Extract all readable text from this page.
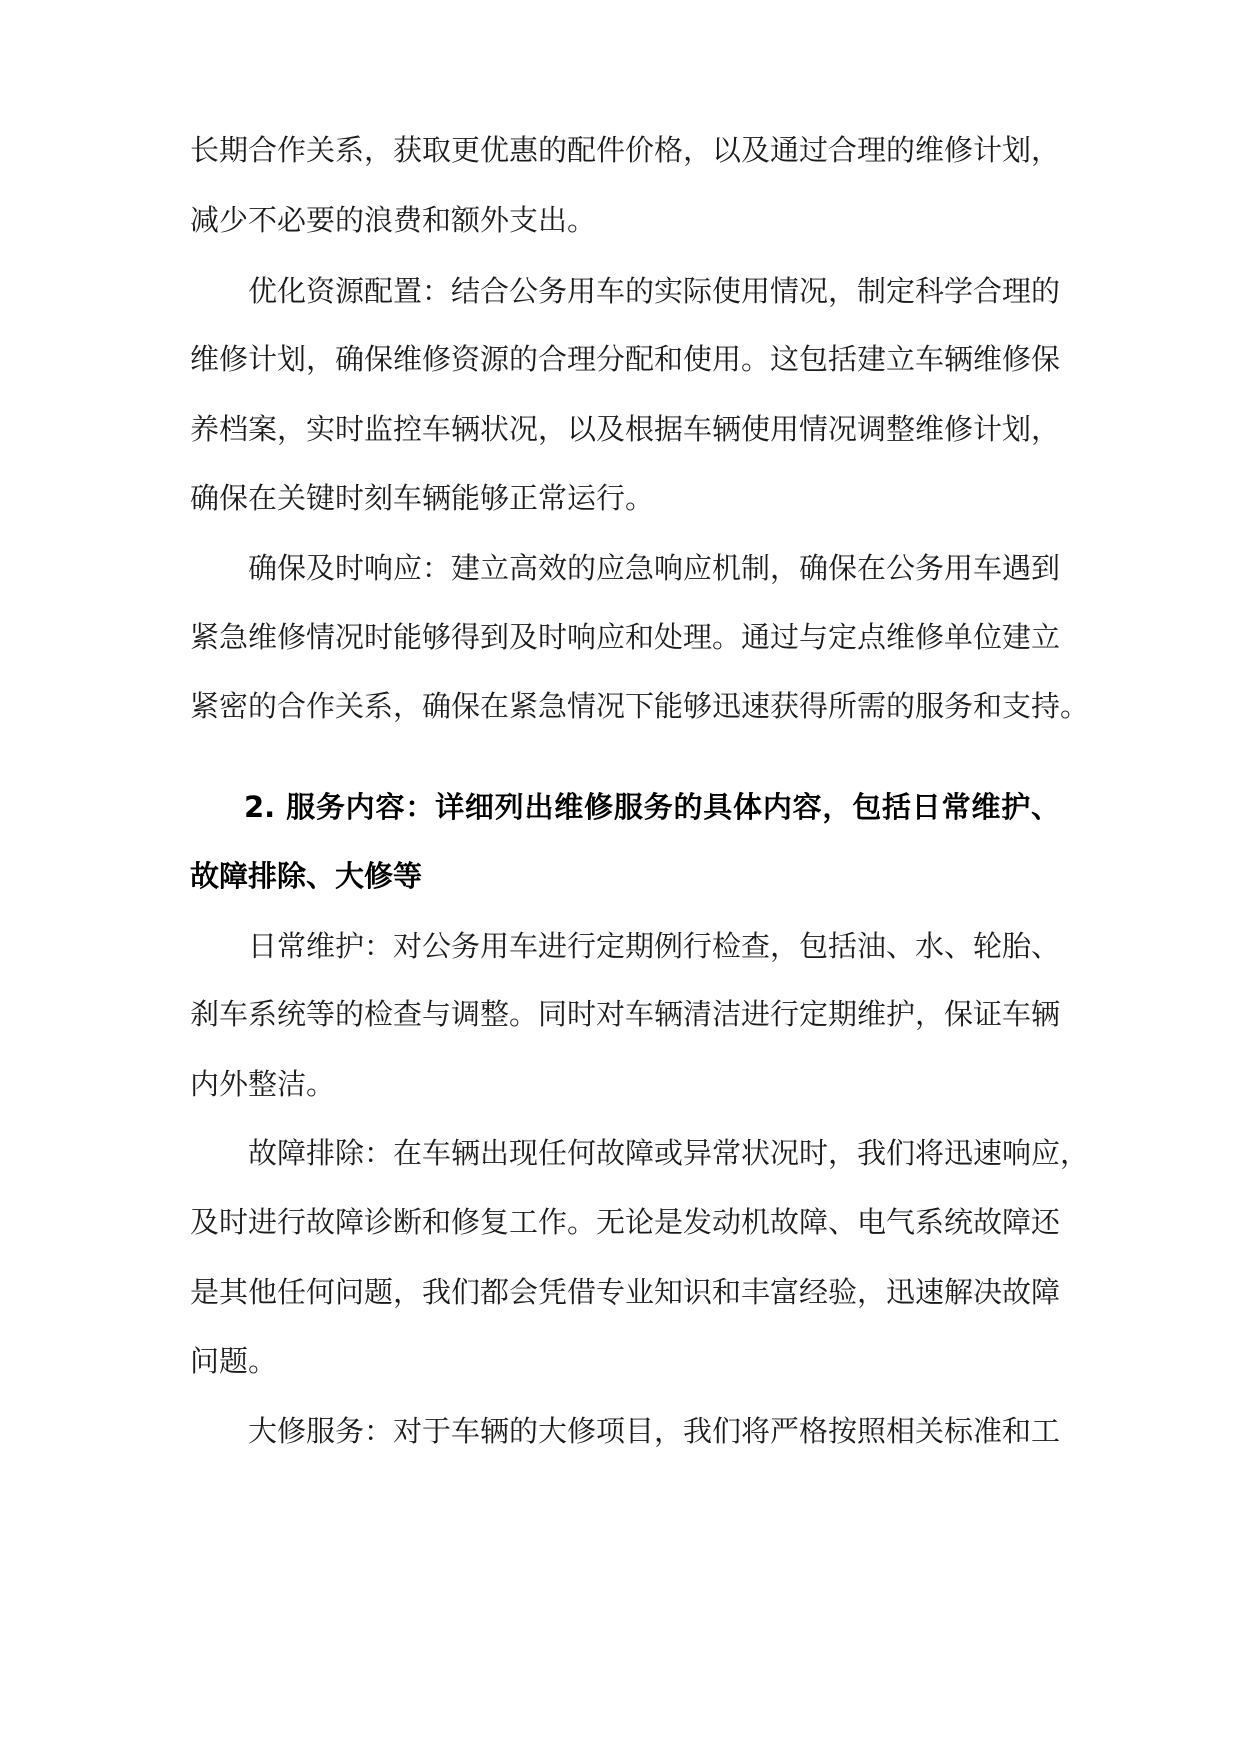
长期合作关系，获取更优惠的配件价格，以及通过合理的维修计划，

减少不必要的浪费和额外支出。

优化资源配置：结合公务用车的实际使用情况，制定科学合理的

维修计划，确保维修资源的合理分配和使用。这包括建立车辆维修保

养档案，实时监控车辆状况，以及根据车辆使用情况调整维修计划，

确保在关键时刻车辆能够正常运行。

确保及时响应：建立高效的应急响应机制，确保在公务用车遇到

紧急维修情况时能够得到及时响应和处理。通过与定点维修单位建立

紧密的合作关系，确保在紧急情况下能够迅速获得所需的服务和支持。

2. 服务内容：详细列出维修服务的具体内容，包括日常维护、

故障排除、大修等

日常维护：对公务用车进行定期例行检查，包括油、水、轮胎、

刹车系统等的检查与调整。同时对车辆清洁进行定期维护，保证车辆

内外整洁。

故障排除：在车辆出现任何故障或异常状况时，我们将迅速响应，

及时进行故障诊断和修复工作。无论是发动机故障、电气系统故障还

是其他任何问题，我们都会凭借专业知识和丰富经验，迅速解决故障

问题。

大修服务：对于车辆的大修项目，我们将严格按照相关标准和工
